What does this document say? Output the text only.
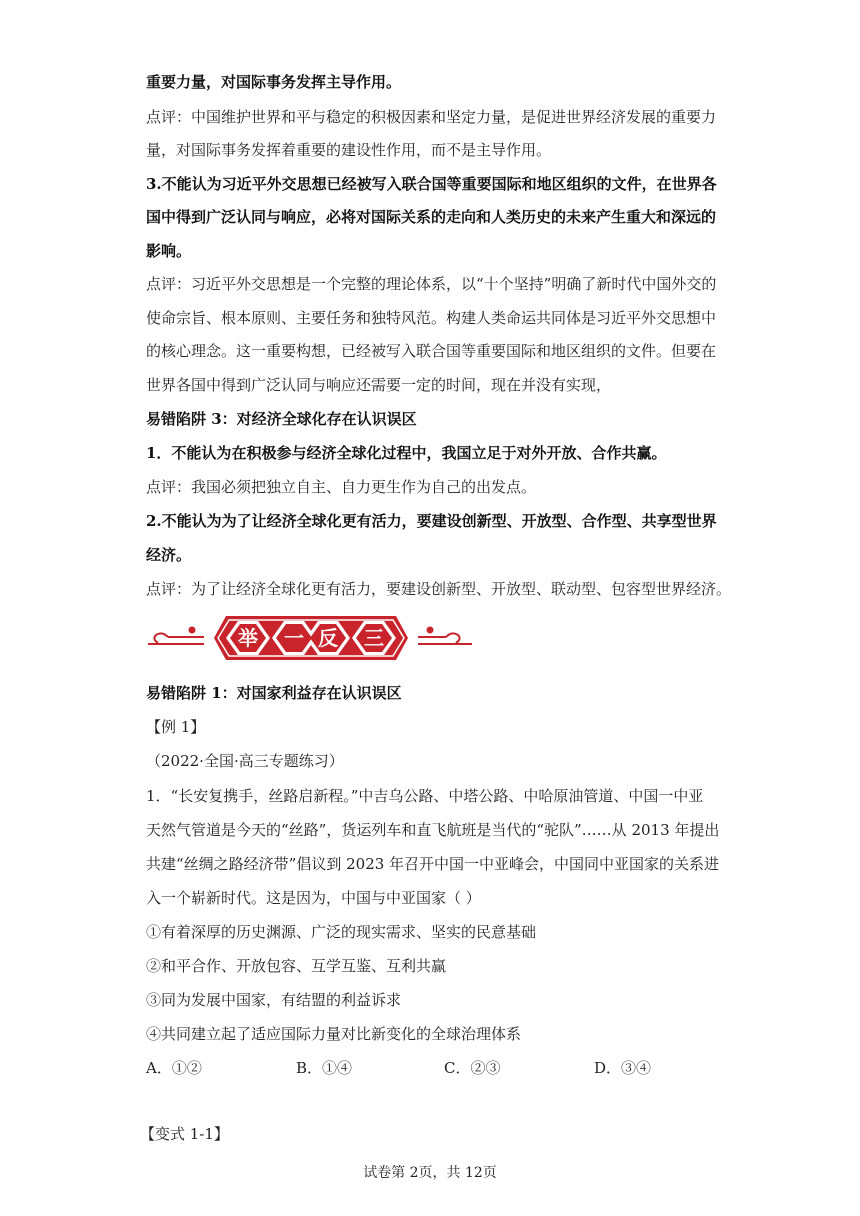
重要力量，对国际事务发挥主导作用。
点评：中国维护世界和平与稳定的积极因素和坚定力量，是促进世界经济发展的重要力
量，对国际事务发挥着重要的建设性作用，而不是主导作用。
3.不能认为习近平外交思想已经被写入联合国等重要国际和地区组织的文件，在世界各
国中得到广泛认同与响应，必将对国际关系的走向和人类历史的未来产生重大和深远的
影响。
点评：习近平外交思想是一个完整的理论体系，以“十个坚持”明确了新时代中国外交的
使命宗旨、根本原则、主要任务和独特风范。构建人类命运共同体是习近平外交思想中
的核心理念。这一重要构想，已经被写入联合国等重要国际和地区组织的文件。但要在
世界各国中得到广泛认同与响应还需要一定的时间，现在并没有实现，
易错陷阱 3：对经济全球化存在认识误区
1．不能认为在积极参与经济全球化过程中，我国立足于对外开放、合作共赢。
点评：我国必须把独立自主、自力更生作为自己的出发点。
2.不能认为为了让经济全球化更有活力，要建设创新型、开放型、合作型、共享型世界
经济。
点评：为了让经济全球化更有活力，要建设创新型、开放型、联动型、包容型世界经济。
举 一 反 三
易错陷阱 1：对国家利益存在认识误区
【例 1】
（2022·全国·高三专题练习）
1．“长安复携手，丝路启新程。”中吉乌公路、中塔公路、中哈原油管道、中国一中亚
天然气管道是今天的“丝路”，货运列车和直飞航班是当代的“驼队”……从 2013 年提出
共建“丝绸之路经济带”倡议到 2023 年召开中国一中亚峰会，中国同中亚国家的关系进
入一个崭新时代。这是因为，中国与中亚国家（ ）
①有着深厚的历史渊源、广泛的现实需求、坚实的民意基础
②和平合作、开放包容、互学互鉴、互利共赢
③同为发展中国家，有结盟的利益诉求
④共同建立起了适应国际力量对比新变化的全球治理体系
A．①②	B．①④	C．②③	D．③④
【变式 1-1】
试卷第 2页，共 12页
